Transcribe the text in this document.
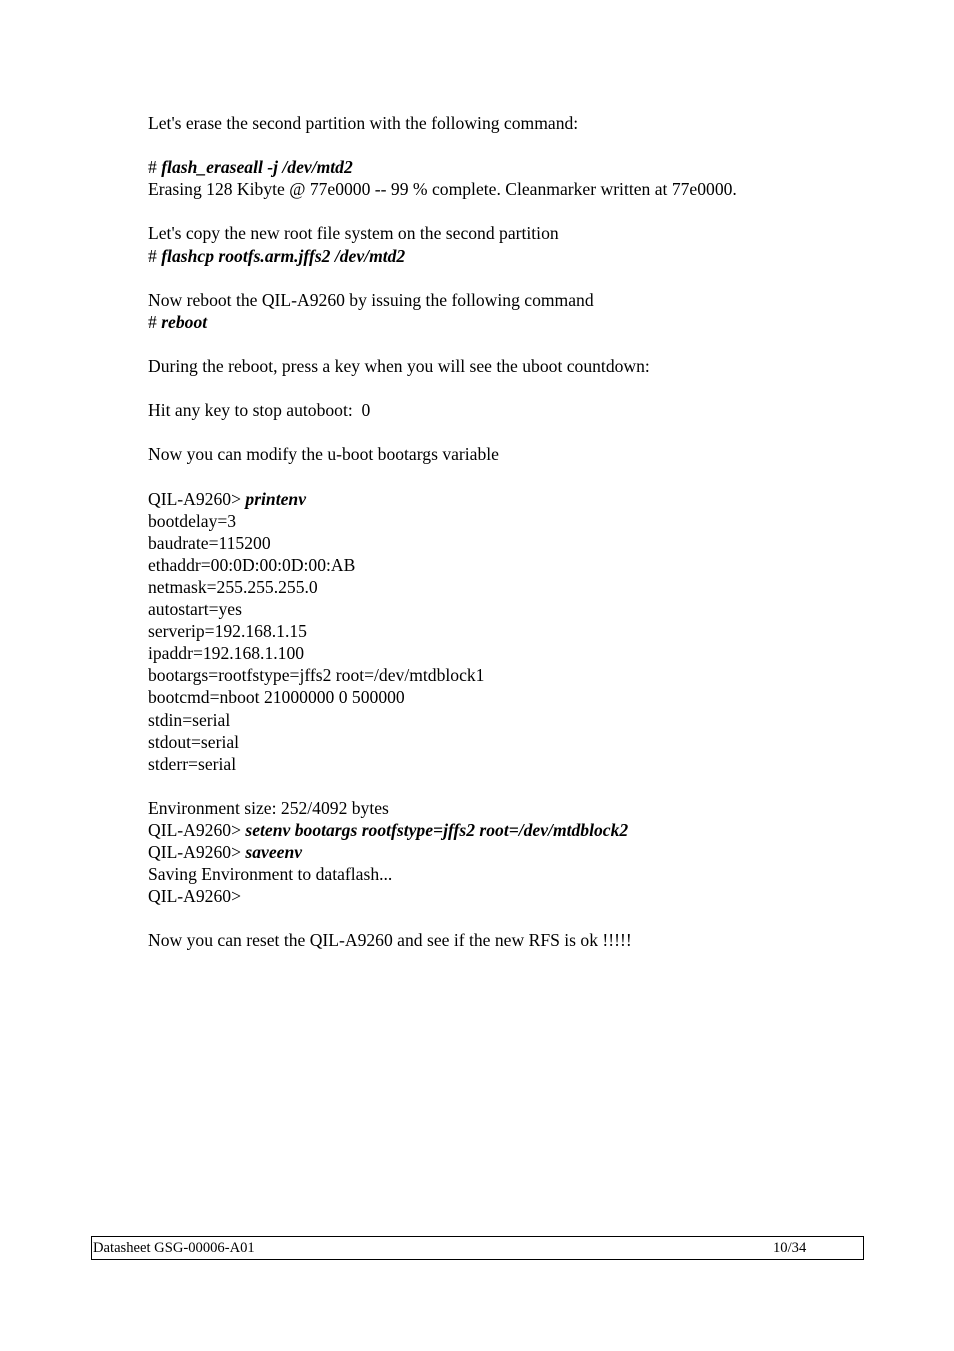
Let's erase the second partition with the following command:
# flash_eraseall -j /dev/mtd2
Erasing 128 Kibyte @ 77e0000 -- 99 % complete. Cleanmarker written at 77e0000.
Let's copy the new root file system on the second partition
# flashcp rootfs.arm.jffs2 /dev/mtd2
Now reboot the QIL-A9260 by issuing the following command
# reboot
During the reboot, press a key when you will see the uboot countdown:
Hit any key to stop autoboot:  0
Now you can modify the u-boot bootargs variable
QIL-A9260> printenv
bootdelay=3
baudrate=115200
ethaddr=00:0D:00:0D:00:AB
netmask=255.255.255.0
autostart=yes
serverip=192.168.1.15
ipaddr=192.168.1.100
bootargs=rootfstype=jffs2 root=/dev/mtdblock1
bootcmd=nboot 21000000 0 500000
stdin=serial
stdout=serial
stderr=serial
Environment size: 252/4092 bytes
QIL-A9260> setenv bootargs rootfstype=jffs2 root=/dev/mtdblock2
QIL-A9260> saveenv
Saving Environment to dataflash...
QIL-A9260>
Now you can reset the QIL-A9260 and see if the new RFS is ok !!!!!
Datasheet GSG-00006-A01	10/34
